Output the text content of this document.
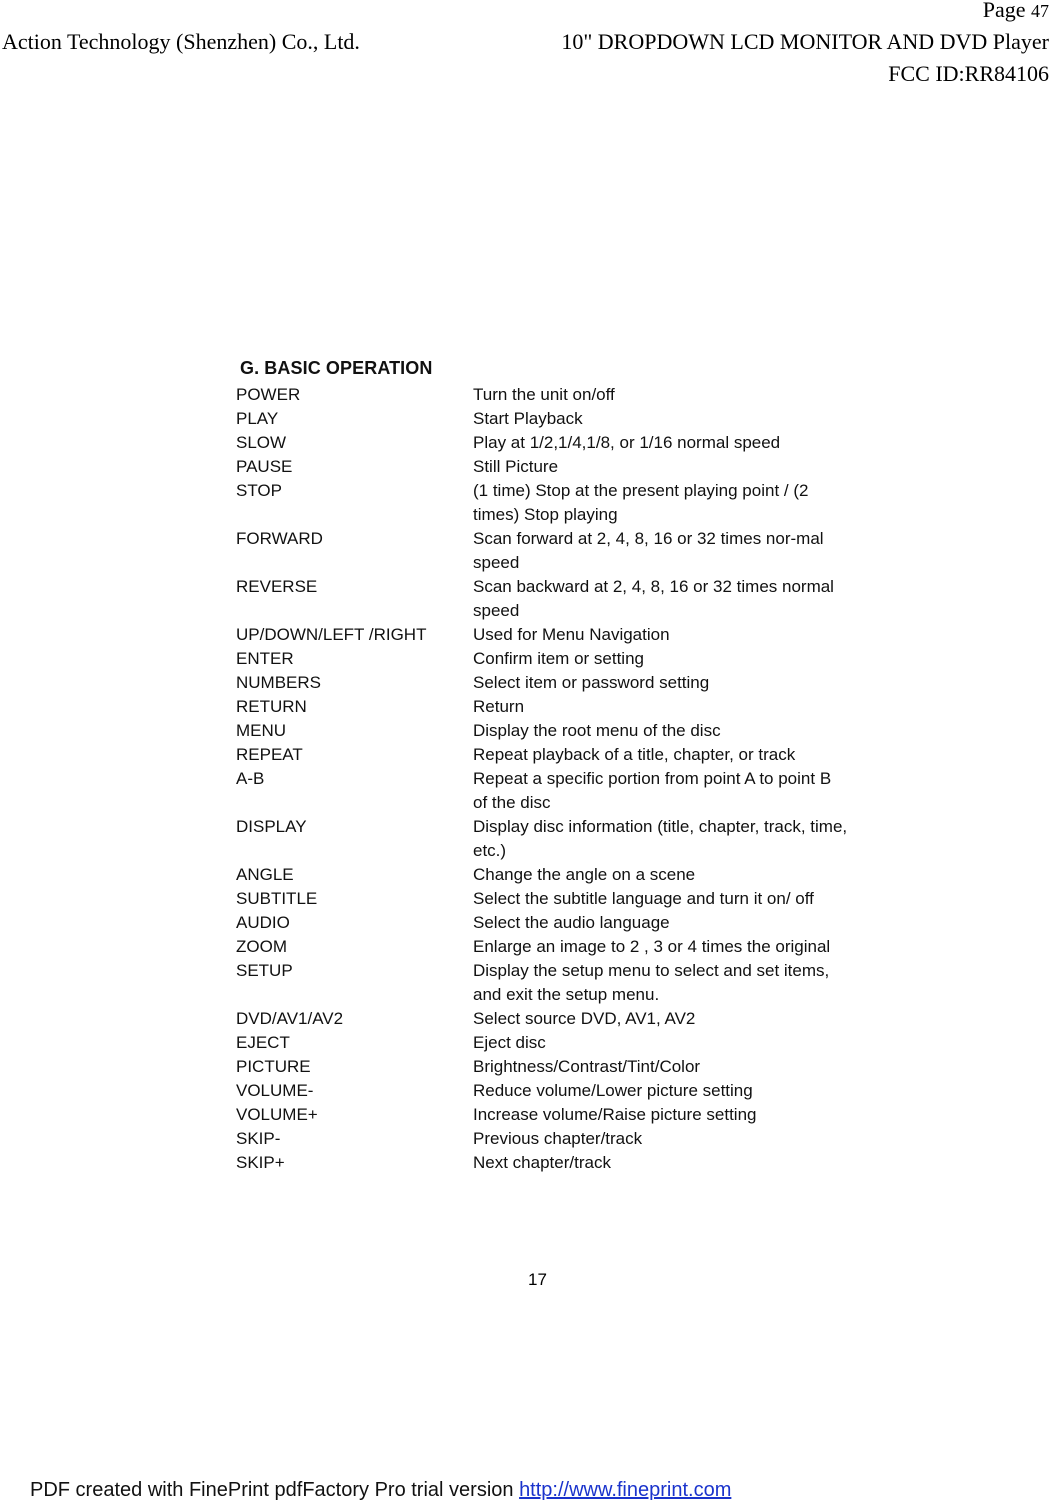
Action Technology (Shenzhen) Co., Ltd.
Page 47
10" DROPDOWN LCD MONITOR AND DVD Player
FCC ID:RR84106
G. BASIC OPERATION
POWER	Turn the unit on/off
PLAY	Start Playback
SLOW	Play at 1/2,1/4,1/8, or 1/16 normal speed
PAUSE	Still Picture
STOP	(1 time) Stop at the present playing point / (2 times) Stop playing
FORWARD	Scan forward at 2, 4, 8, 16 or 32 times nor-mal speed
REVERSE	Scan backward at 2, 4, 8, 16 or 32 times normal speed
UP/DOWN/LEFT /RIGHT	Used for Menu Navigation
ENTER	Confirm item or setting
NUMBERS	Select item or password setting
RETURN	Return
MENU	Display the root menu of the disc
REPEAT	Repeat playback of a title, chapter, or track
A-B	Repeat a specific portion from point A to point B of the disc
DISPLAY	Display disc information (title, chapter, track, time, etc.)
ANGLE	Change the angle on a scene
SUBTITLE	Select the subtitle language and turn it on/ off
AUDIO	Select the audio language
ZOOM	Enlarge an image to 2 , 3 or 4 times the original
SETUP	Display the setup menu to select and set items, and exit the setup menu.
DVD/AV1/AV2	Select source DVD, AV1, AV2
EJECT	Eject disc
PICTURE	Brightness/Contrast/Tint/Color
VOLUME-	Reduce volume/Lower picture setting
VOLUME+	Increase volume/Raise picture setting
SKIP-	Previous chapter/track
SKIP+	Next chapter/track
17
PDF created with FinePrint pdfFactory Pro trial version http://www.fineprint.com
